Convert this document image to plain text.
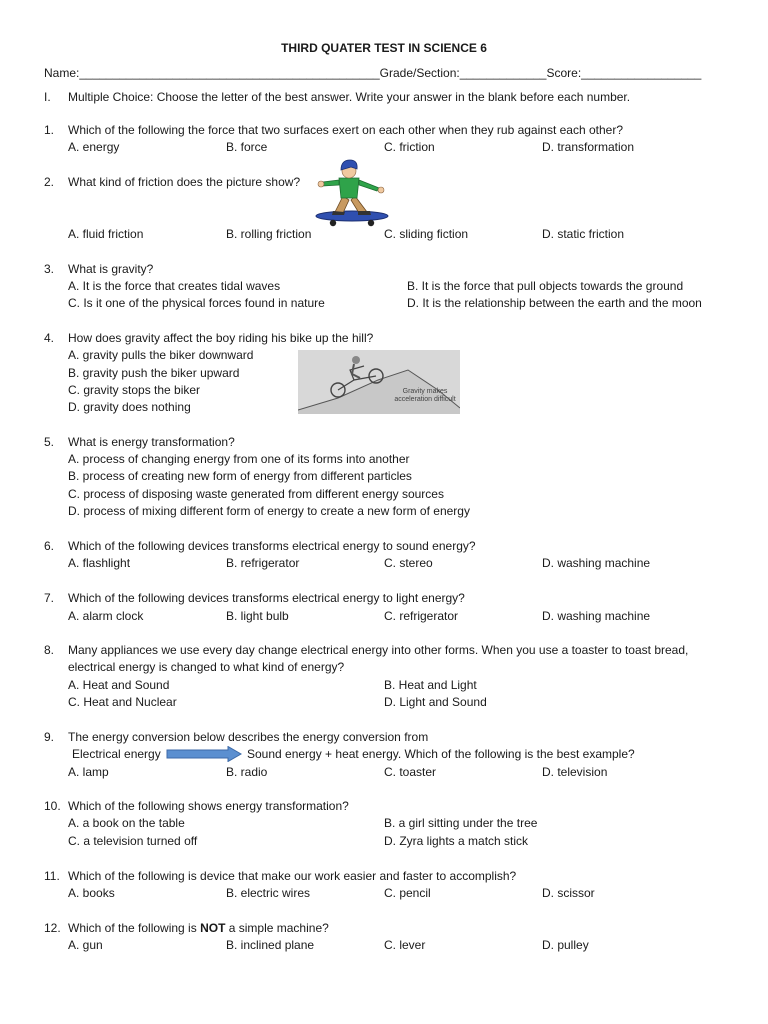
THIRD QUATER TEST IN SCIENCE 6
Name:_____________________________________________Grade/Section:_____________Score:__________________
I. Multiple Choice: Choose the letter of the best answer. Write your answer in the blank before each number.
1. Which of the following the force that two surfaces exert on each other when they rub against each other?
A. energy	B. force	C. friction	D. transformation
2. What kind of friction does the picture show?
A. fluid friction	B. rolling friction	C. sliding fiction	D. static friction
3. What is gravity?
A. It is the force that creates tidal waves	B. It is the force that pull objects towards the ground
C. Is it one of the physical forces found in nature	D. It is the relationship between the earth and the moon
4. How does gravity affect the boy riding his bike up the hill?
A. gravity pulls the biker downward
B. gravity push the biker upward
C. gravity stops the biker
D. gravity does nothing
Gravity makes acceleration difficult
5. What is energy transformation?
A. process of changing energy from one of its forms into another
B. process of creating new form of energy from different particles
C. process of disposing waste generated from different energy sources
D. process of mixing different form of energy to create a new form of energy
6. Which of the following devices transforms electrical energy to sound energy?
A. flashlight	B. refrigerator	C. stereo	D. washing machine
7. Which of the following devices transforms electrical energy to light energy?
A. alarm clock	B. light bulb	C. refrigerator	D. washing machine
8. Many appliances we use every day change electrical energy into other forms. When you use a toaster to toast bread,
electrical energy is changed to what kind of energy?
A. Heat and Sound	B. Heat and Light
C. Heat and Nuclear	D. Light and Sound
9. The energy conversion below describes the energy conversion from
Electrical energy	Sound energy + heat energy. Which of the following is the best example?
A. lamp	B. radio	C. toaster	D. television
10. Which of the following shows energy transformation?
A. a book on the table	B. a girl sitting under the tree
C. a television turned off	D. Zyra lights a match stick
11. Which of the following is device that make our work easier and faster to accomplish?
A. books	B. electric wires	C. pencil	D. scissor
12. Which of the following is NOT a simple machine?
A. gun	B. inclined plane	C. lever	D. pulley
